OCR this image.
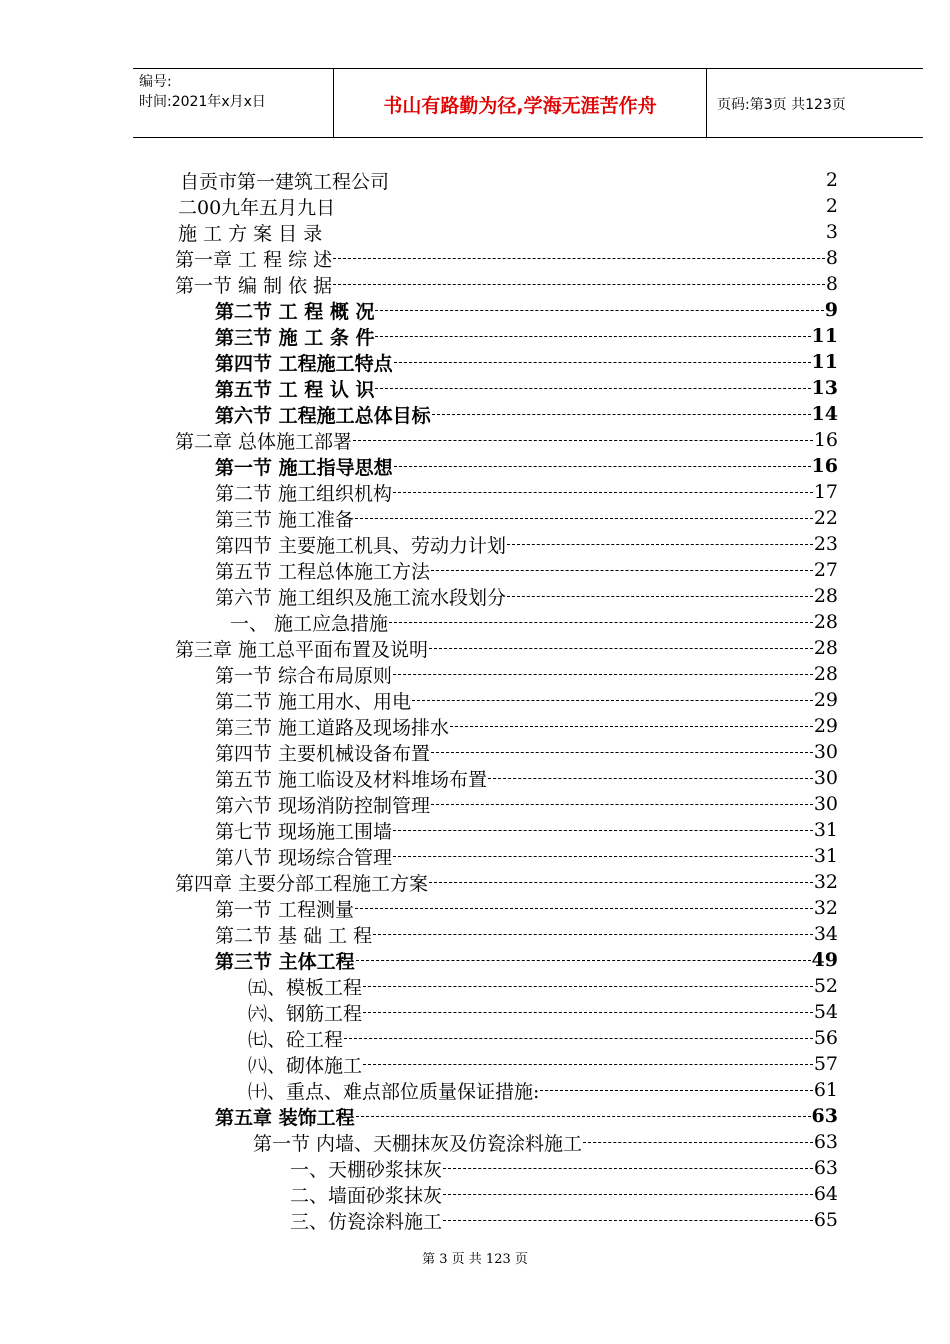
编号:
时间:2021年x月x日	书山有路勤为径,学海无涯苦作舟	页码:第3页 共123页
自贡市第一建筑工程公司	2
二00九年五月九日	2
施 工 方 案 目 录	3
第一章 工 程 综 述	8
第一节 编 制 依 据	8
第二节 工 程 概 况	9
第三节 施 工 条 件	11
第四节 工程施工特点	11
第五节 工 程 认 识	13
第六节 工程施工总体目标	14
第二章 总体施工部署	16
第一节 施工指导思想	16
第二节 施工组织机构	17
第三节 施工准备	22
第四节 主要施工机具、劳动力计划	23
第五节 工程总体施工方法	27
第六节 施工组织及施工流水段划分	28
一、 施工应急措施	28
第三章 施工总平面布置及说明	28
第一节 综合布局原则	28
第二节 施工用水、用电	29
第三节 施工道路及现场排水	29
第四节 主要机械设备布置	30
第五节 施工临设及材料堆场布置	30
第六节 现场消防控制管理	30
第七节 现场施工围墙	31
第八节 现场综合管理	31
第四章 主要分部工程施工方案	32
第一节 工程测量	32
第二节 基 础 工 程	34
第三节 主体工程	49
㈤、模板工程	52
㈥、钢筋工程	54
㈦、砼工程	56
㈧、砌体施工	57
㈩、重点、难点部位质量保证措施:	61
第五章 装饰工程	63
第一节 内墙、天棚抹灰及仿瓷涂料施工	63
一、天棚砂浆抹灰	63
二、墙面砂浆抹灰	64
三、仿瓷涂料施工	65
第 3 页 共 123 页
